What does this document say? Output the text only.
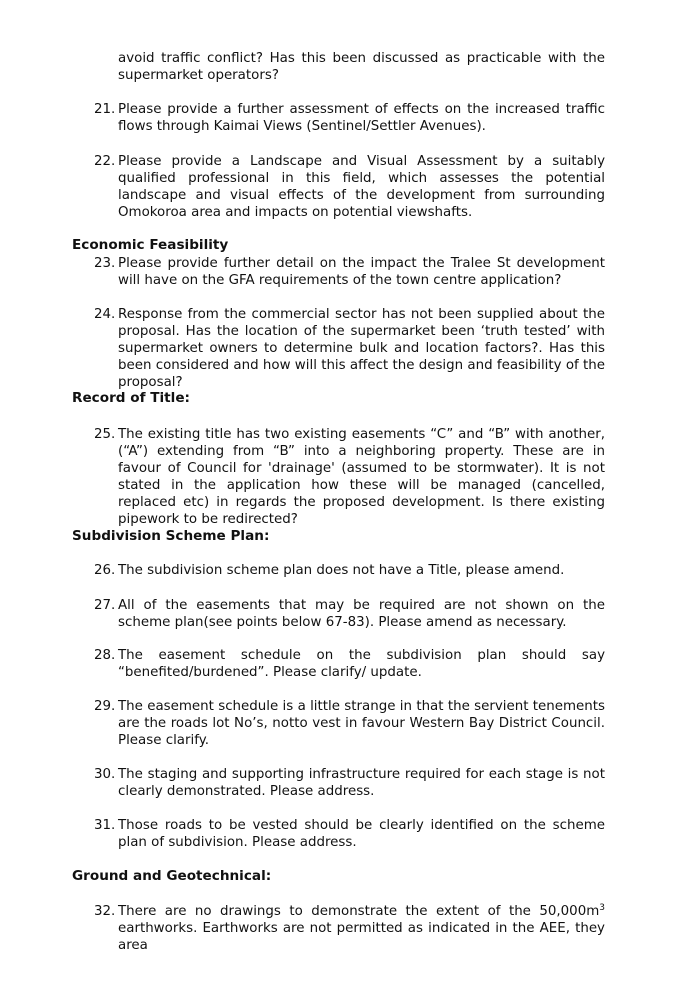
avoid traffic conflict? Has this been discussed as practicable with the supermarket operators?
21. Please provide a further assessment of effects on the increased traffic flows through Kaimai Views (Sentinel/Settler Avenues).
22. Please provide a Landscape and Visual Assessment by a suitably qualified professional in this field, which assesses the potential landscape and visual effects of the development from surrounding Omokoroa area and impacts on potential viewshafts.
Economic Feasibility
23. Please provide further detail on the impact the Tralee St development will have on the GFA requirements of the town centre application?
24. Response from the commercial sector has not been supplied about the proposal. Has the location of the supermarket been ‘truth tested’ with supermarket owners to determine bulk and location factors?. Has this been considered and how will this affect the design and feasibility of the proposal?
Record of Title:
25. The existing title has two existing easements “C” and “B” with another, (“A”) extending from “B” into a neighboring property. These are in favour of Council for 'drainage' (assumed to be stormwater). It is not stated in the application how these will be managed (cancelled, replaced etc) in regards the proposed development. Is there existing pipework to be redirected?
Subdivision Scheme Plan:
26. The subdivision scheme plan does not have a Title, please amend.
27. All of the easements that may be required are not shown on the scheme plan(see points below 67-83). Please amend as necessary.
28. The easement schedule on the subdivision plan should say “benefited/burdened”. Please clarify/ update.
29. The easement schedule is a little strange in that the servient tenements are the roads lot No’s, notto vest in favour Western Bay District Council. Please clarify.
30. The staging and supporting infrastructure required for each stage is not clearly demonstrated. Please address.
31. Those roads to be vested should be clearly identified on the scheme plan of subdivision. Please address.
Ground and Geotechnical:
32. There are no drawings to demonstrate the extent of the $50,000m^3$ earthworks. Earthworks are not permitted as indicated in the AEE, they area
